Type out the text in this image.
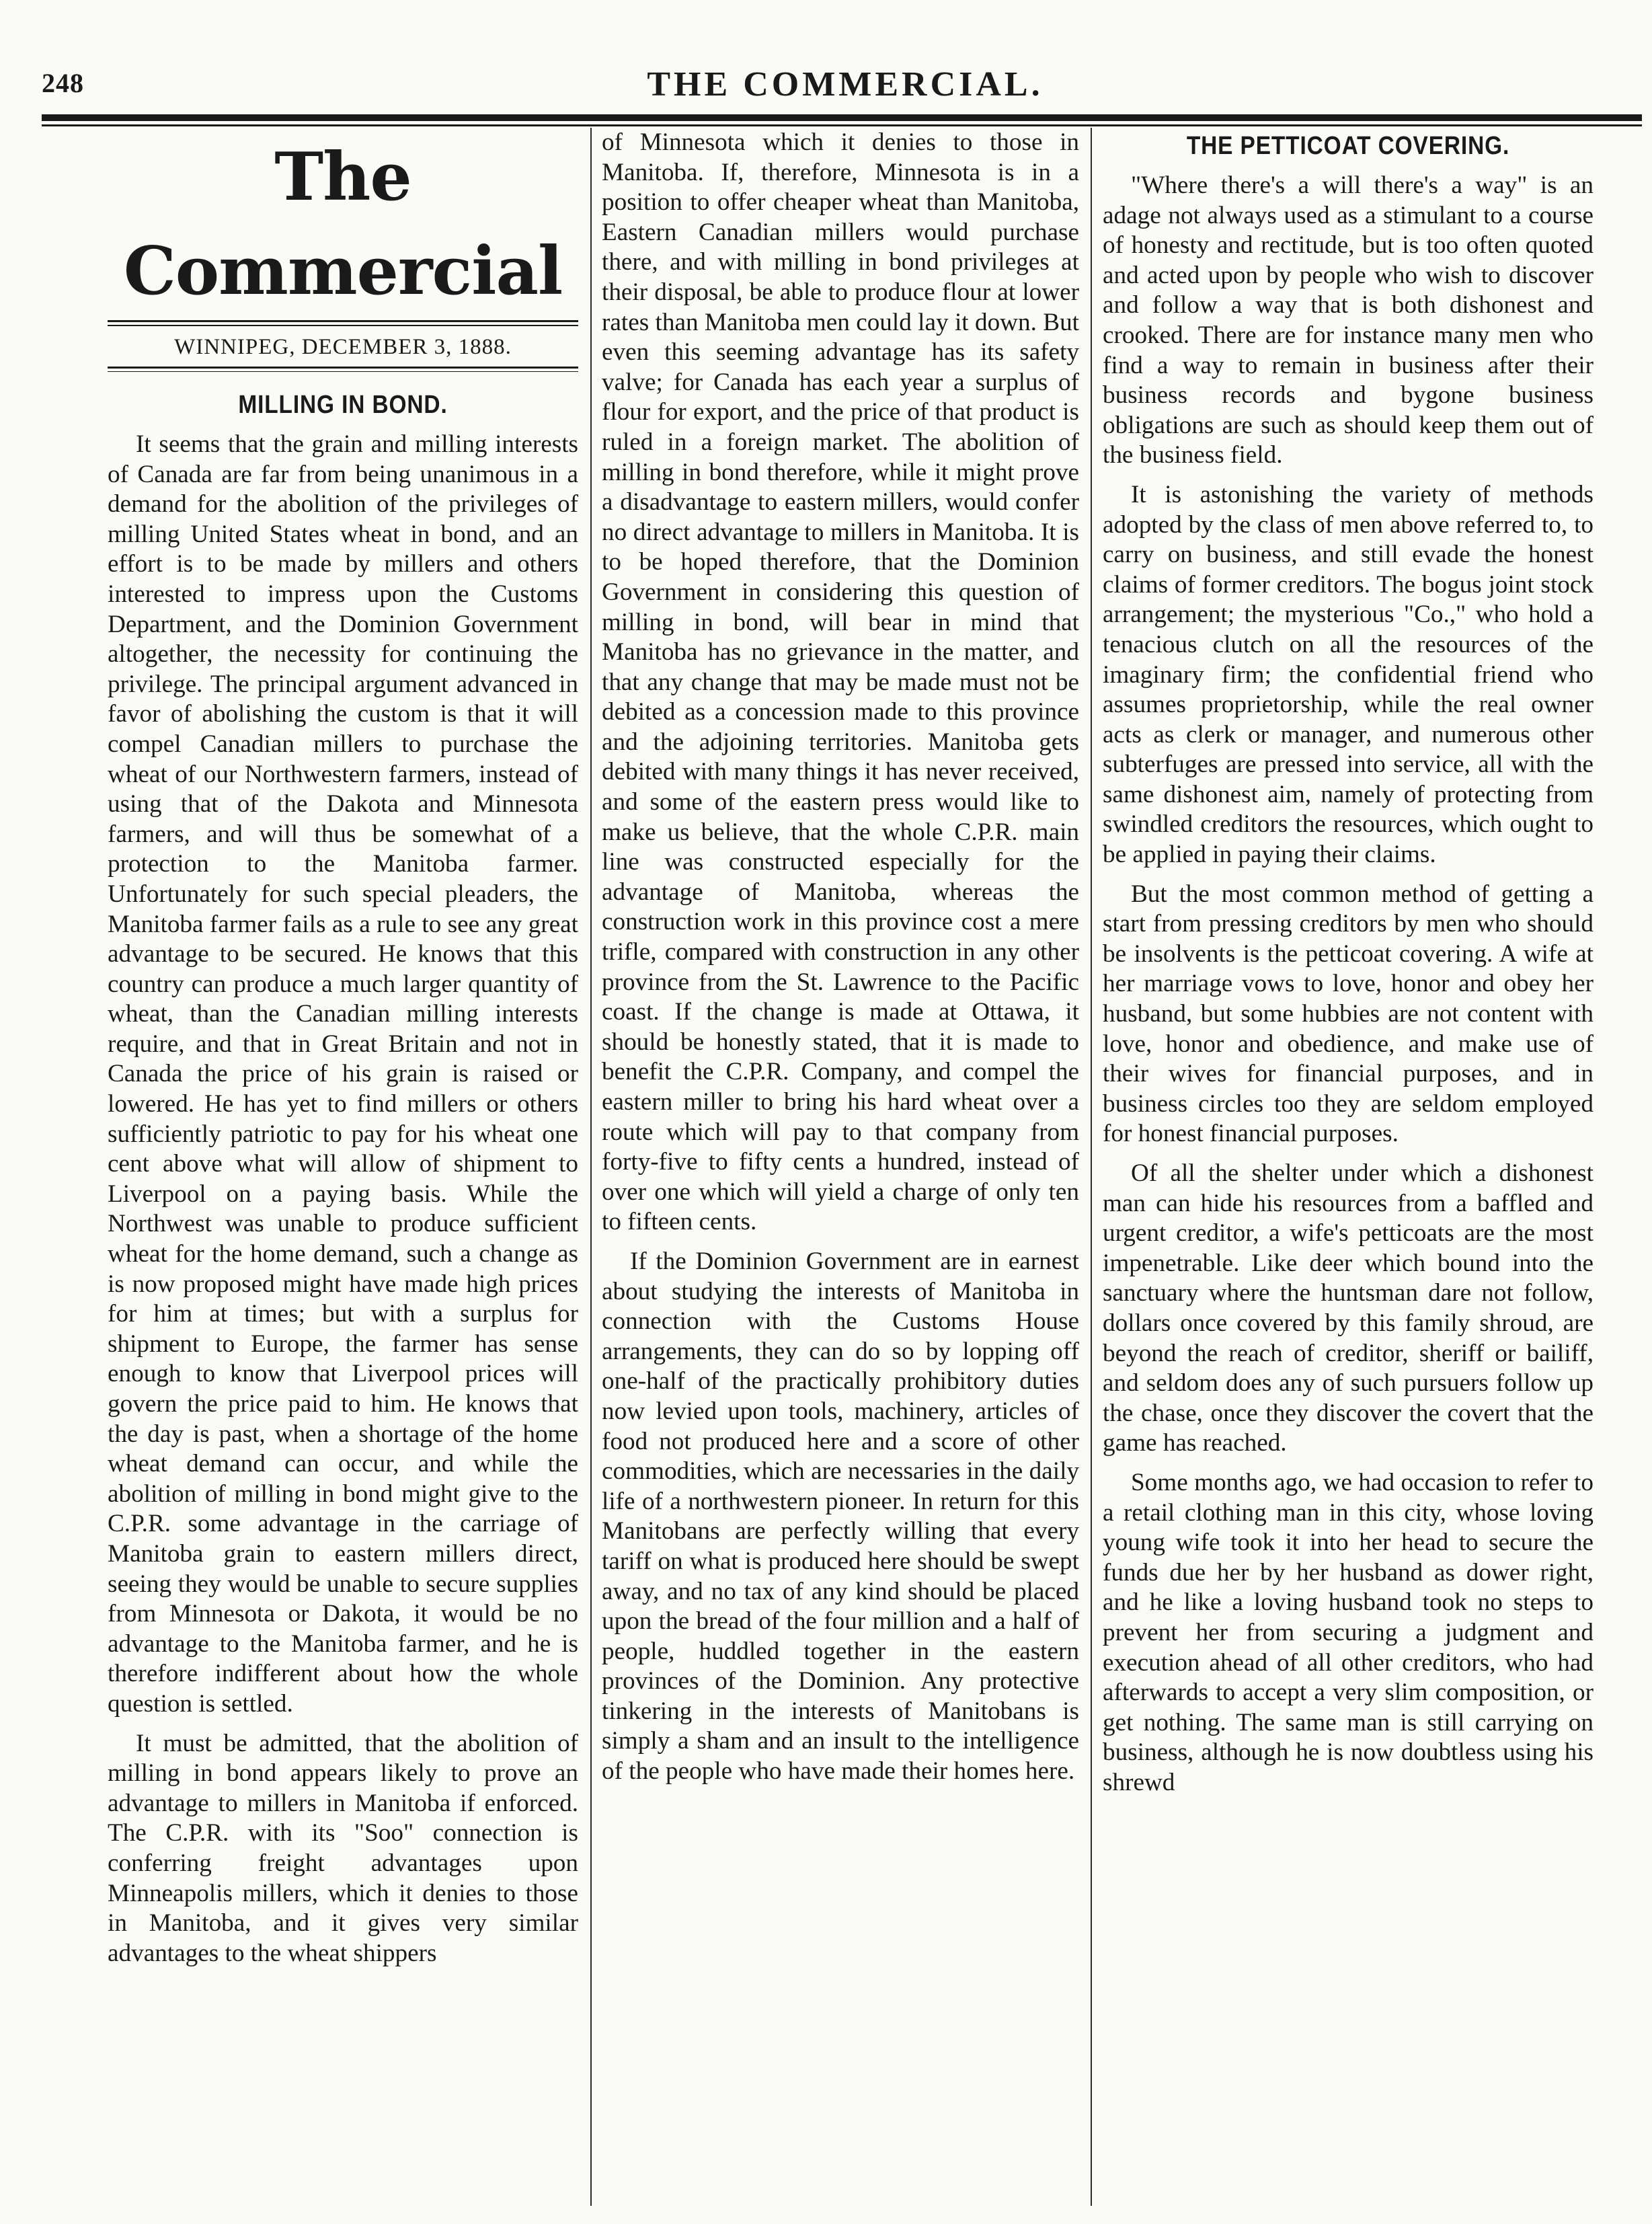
248	THE COMMERCIAL.
The Commercial
WINNIPEG, DECEMBER 3, 1888.
MILLING IN BOND.

It seems that the grain and milling interests of Canada are far from being unanimous in a demand for the abolition of the privileges of milling United States wheat in bond, and an effort is to be made by millers and others interested to impress upon the Customs Department, and the Dominion Government altogether, the necessity for continuing the privilege. The principal argument advanced in favor of abolishing the custom is that it will compel Canadian millers to purchase the wheat of our Northwestern farmers, instead of using that of the Dakota and Minnesota farmers, and will thus be somewhat of a protection to the Manitoba farmer. Unfortunately for such special pleaders, the Manitoba farmer fails as a rule to see any great advantage to be secured. He knows that this country can produce a much larger quantity of wheat, than the Canadian milling interests require, and that in Great Britain and not in Canada the price of his grain is raised or lowered. He has yet to find millers or others sufficiently patriotic to pay for his wheat one cent above what will allow of shipment to Liverpool on a paying basis. While the Northwest was unable to produce sufficient wheat for the home demand, such a change as is now proposed might have made high prices for him at times; but with a surplus for shipment to Europe, the farmer has sense enough to know that Liverpool prices will govern the price paid to him. He knows that the day is past, when a shortage of the home wheat demand can occur, and while the abolition of milling in bond might give to the C.P.R. some advantage in the carriage of Manitoba grain to eastern millers direct, seeing they would be unable to secure supplies from Minnesota or Dakota, it would be no advantage to the Manitoba farmer, and he is therefore indifferent about how the whole question is settled.

It must be admitted, that the abolition of milling in bond appears likely to prove an advantage to millers in Manitoba if enforced. The C.P.R. with its "Soo" connection is conferring freight advantages upon Minneapolis millers, which it denies to those in Manitoba, and it gives very similar advantages to the wheat shippers

of Minnesota which it denies to those in Manitoba. If, therefore, Minnesota is in a position to offer cheaper wheat than Manitoba, Eastern Canadian millers would purchase there, and with milling in bond privileges at their disposal, be able to produce flour at lower rates than Manitoba men could lay it down. But even this seeming advantage has its safety valve; for Canada has each year a surplus of flour for export, and the price of that product is ruled in a foreign market. The abolition of milling in bond therefore, while it might prove a disadvantage to eastern millers, would confer no direct advantage to millers in Manitoba. It is to be hoped therefore, that the Dominion Government in considering this question of milling in bond, will bear in mind that Manitoba has no grievance in the matter, and that any change that may be made must not be debited as a concession made to this province and the adjoining territories. Manitoba gets debited with many things it has never received, and some of the eastern press would like to make us believe, that the whole C.P.R. main line was constructed especially for the advantage of Manitoba, whereas the construction work in this province cost a mere trifle, compared with construction in any other province from the St. Lawrence to the Pacific coast. If the change is made at Ottawa, it should be honestly stated, that it is made to benefit the C.P.R. Company, and compel the eastern miller to bring his hard wheat over a route which will pay to that company from forty-five to fifty cents a hundred, instead of over one which will yield a charge of only ten to fifteen cents.

If the Dominion Government are in earnest about studying the interests of Manitoba in connection with the Customs House arrangements, they can do so by lopping off one-half of the practically prohibitory duties now levied upon tools, machinery, articles of food not produced here and a score of other commodities, which are necessaries in the daily life of a northwestern pioneer. In return for this Manitobans are perfectly willing that every tariff on what is produced here should be swept away, and no tax of any kind should be placed upon the bread of the four million and a half of people, huddled together in the eastern provinces of the Dominion. Any protective tinkering in the interests of Manitobans is simply a sham and an insult to the intelligence of the people who have made their homes here.

THE PETTICOAT COVERING.

"Where there's a will there's a way" is an adage not always used as a stimulant to a course of honesty and rectitude, but is too often quoted and acted upon by people who wish to discover and follow a way that is both dishonest and crooked. There are for instance many men who find a way to remain in business after their business records and bygone business obligations are such as should keep them out of the business field.

It is astonishing the variety of methods adopted by the class of men above referred to, to carry on business, and still evade the honest claims of former creditors. The bogus joint stock arrangement; the mysterious "Co.," who hold a tenacious clutch on all the resources of the imaginary firm; the confidential friend who assumes proprietorship, while the real owner acts as clerk or manager, and numerous other subterfuges are pressed into service, all with the same dishonest aim, namely of protecting from swindled creditors the resources, which ought to be applied in paying their claims.

But the most common method of getting a start from pressing creditors by men who should be insolvents is the petticoat covering. A wife at her marriage vows to love, honor and obey her husband, but some hubbies are not content with love, honor and obedience, and make use of their wives for financial purposes, and in business circles too they are seldom employed for honest financial purposes.

Of all the shelter under which a dishonest man can hide his resources from a baffled and urgent creditor, a wife's petticoats are the most impenetrable. Like deer which bound into the sanctuary where the huntsman dare not follow, dollars once covered by this family shroud, are beyond the reach of creditor, sheriff or bailiff, and seldom does any of such pursuers follow up the chase, once they discover the covert that the game has reached.

Some months ago, we had occasion to refer to a retail clothing man in this city, whose loving young wife took it into her head to secure the funds due her by her husband as dower right, and he like a loving husband took no steps to prevent her from securing a judgment and execution ahead of all other creditors, who had afterwards to accept a very slim composition, or get nothing. The same man is still carrying on business, although he is now doubtless using his shrewd
